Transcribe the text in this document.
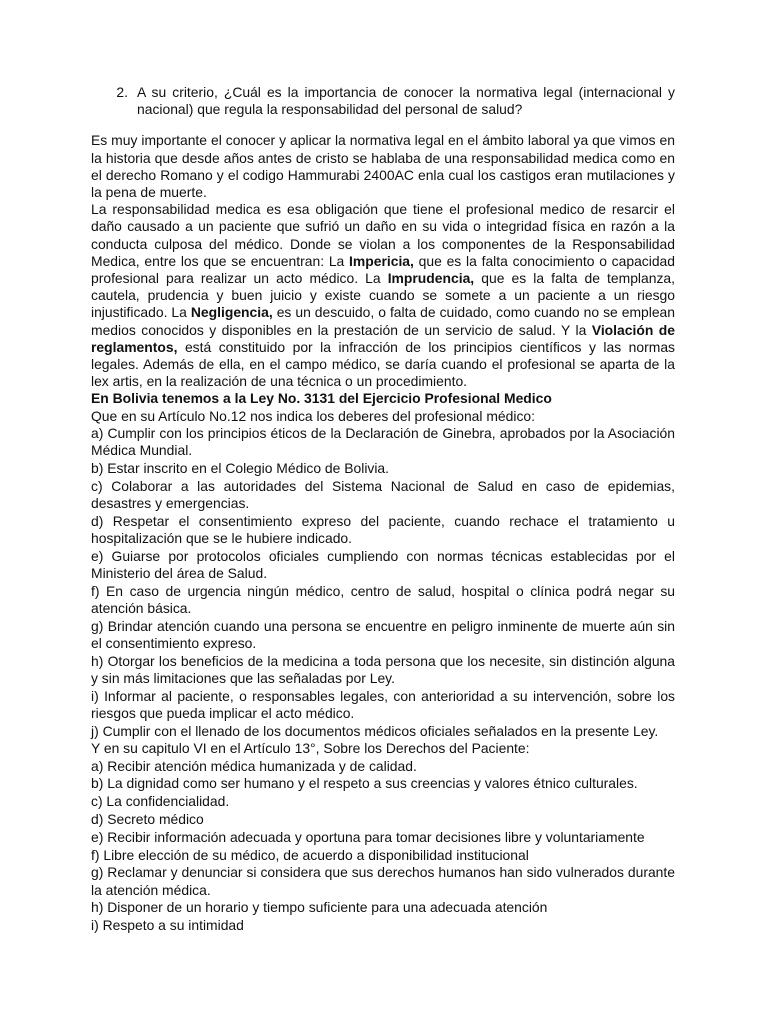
2. A su criterio, ¿Cuál es la importancia de conocer la normativa legal (internacional y nacional) que regula la responsabilidad del personal de salud?

Es muy importante el conocer y aplicar la normativa legal en el ámbito laboral ya que vimos en la historia que desde años antes de cristo se hablaba de una responsabilidad medica como en el derecho Romano y el codigo Hammurabi 2400AC enla cual los castigos eran mutilaciones y la pena de muerte.

La responsabilidad medica es esa obligación que tiene el profesional medico de resarcir el daño causado a un paciente que sufrió un daño en su vida o integridad física en razón a la conducta culposa del médico. Donde se violan a los componentes de la Responsabilidad Medica, entre los que se encuentran: La Impericia, que es la falta conocimiento o capacidad profesional para realizar un acto médico. La Imprudencia, que es la falta de templanza, cautela, prudencia y buen juicio y existe cuando se somete a un paciente a un riesgo injustificado. La Negligencia, es un descuido, o falta de cuidado, como cuando no se emplean medios conocidos y disponibles en la prestación de un servicio de salud. Y la Violación de reglamentos, está constituido por la infracción de los principios científicos y las normas legales. Además de ella, en el campo médico, se daría cuando el profesional se aparta de la lex artis, en la realización de una técnica o un procedimiento.

En Bolivia tenemos a la Ley No. 3131 del Ejercicio Profesional Medico

Que en su Artículo No.12 nos indica los deberes del profesional médico:

a) Cumplir con los principios éticos de la Declaración de Ginebra, aprobados por la Asociación Médica Mundial.

b) Estar inscrito en el Colegio Médico de Bolivia.

c) Colaborar a las autoridades del Sistema Nacional de Salud en caso de epidemias, desastres y emergencias.

d) Respetar el consentimiento expreso del paciente, cuando rechace el tratamiento u hospitalización que se le hubiere indicado.

e) Guiarse por protocolos oficiales cumpliendo con normas técnicas establecidas por el Ministerio del área de Salud.

f) En caso de urgencia ningún médico, centro de salud, hospital o clínica podrá negar su atención básica.

g) Brindar atención cuando una persona se encuentre en peligro inminente de muerte aún sin el consentimiento expreso.

h) Otorgar los beneficios de la medicina a toda persona que los necesite, sin distinción alguna y sin más limitaciones que las señaladas por Ley.

i) Informar al paciente, o responsables legales, con anterioridad a su intervención, sobre los riesgos que pueda implicar el acto médico.

j) Cumplir con el llenado de los documentos médicos oficiales señalados en la presente Ley.

Y en su capitulo VI en el Artículo 13°, Sobre los Derechos del Paciente:

a) Recibir atención médica humanizada y de calidad.

b) La dignidad como ser humano y el respeto a sus creencias y valores étnico culturales.

c) La confidencialidad.

d) Secreto médico

e) Recibir información adecuada y oportuna para tomar decisiones libre y voluntariamente

f) Libre elección de su médico, de acuerdo a disponibilidad institucional

g) Reclamar y denunciar si considera que sus derechos humanos han sido vulnerados durante la atención médica.

h) Disponer de un horario y tiempo suficiente para una adecuada atención

i) Respeto a su intimidad
